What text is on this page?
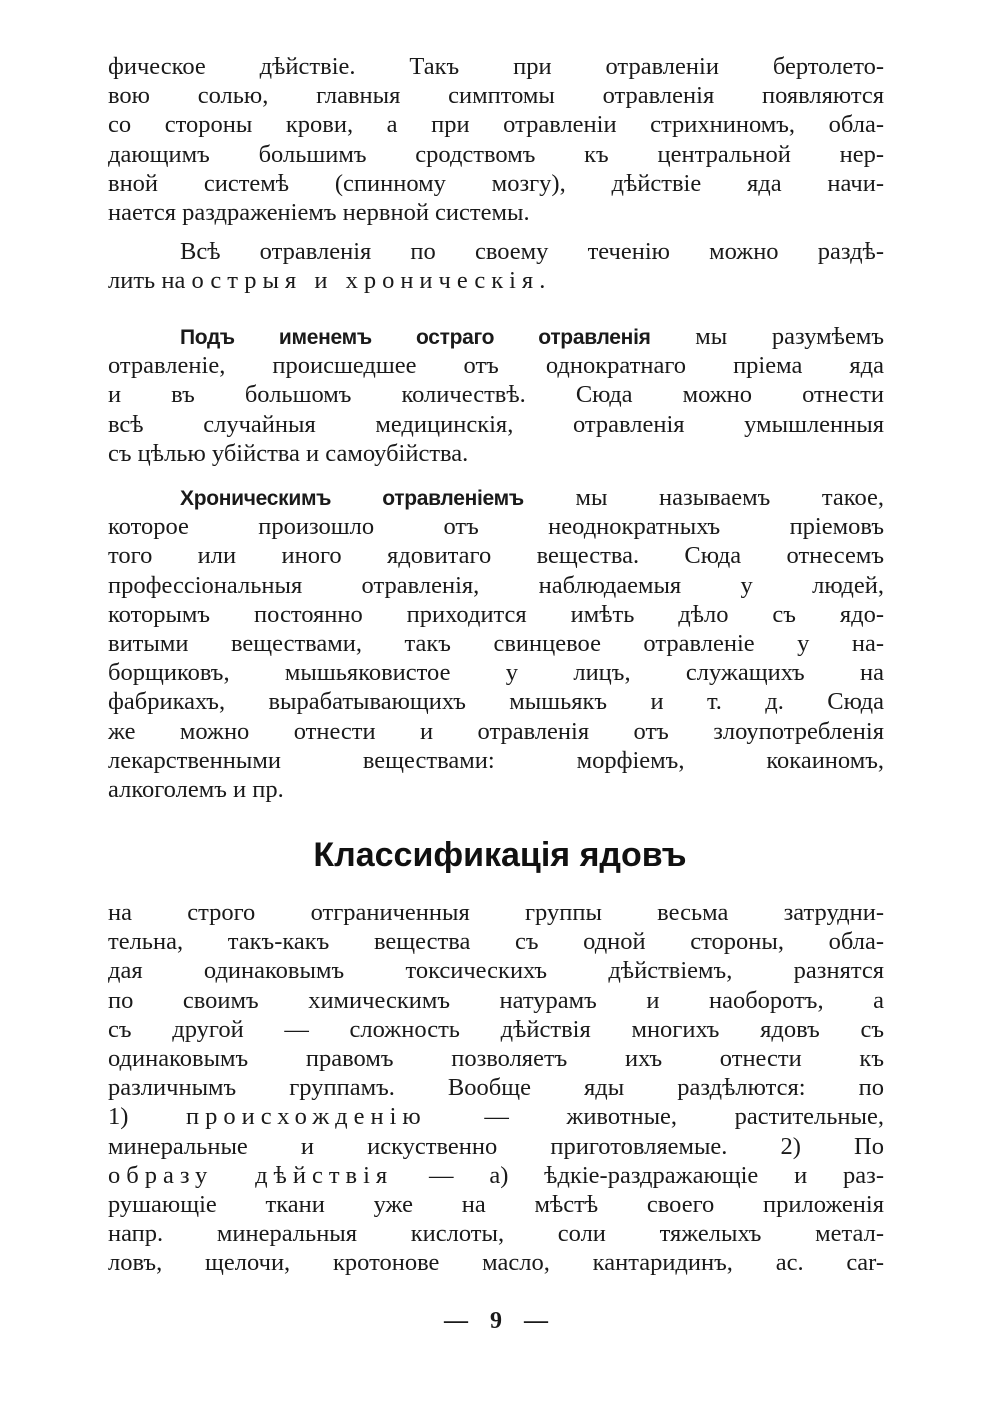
фическое дѣйствіе. Такъ при отравленіи бертолето-
вою солью, главныя симптомы отравленія появляются
со стороны крови, а при отравленіи стрихниномъ, обла-
дающимъ большимъ сродствомъ къ центральной нер-
вной системѣ (спинному мозгу), дѣйствіе яда начи-
нается раздраженіемъ нервной системы.
Всѣ отравленія по своему теченію можно раздѣ-
лить на острыя и хроническія.
Подъ именемъ остраго отравленія мы разумѣемъ
отравленіе, происшедшее отъ однократнаго пріема яда
и въ большомъ количествѣ. Сюда можно отнести
всѣ случайныя медицинскія, отравленія умышленныя
съ цѣлью убійства и самоубійства.
Хроническимъ отравленіемъ мы называемъ такое,
которое произошло отъ неоднократныхъ пріемовъ
того или иного ядовитаго вещества. Сюда отнесемъ
профессіональныя отравленія, наблюдаемыя у людей,
которымъ постоянно приходится имѣть дѣло съ ядо-
витыми веществами, такъ свинцевое отравленіе у на-
борщиковъ, мышьяковистое у лицъ, служащихъ на
фабрикахъ, вырабатывающихъ мышьякъ и т. д. Сюда
же можно отнести и отравленія отъ злоупотребленія
лекарственными веществами: морфіемъ, кокаиномъ,
алкоголемъ и пр.
Классификація ядовъ
на строго отграниченныя группы весьма затрудни-
тельна, такъ-какъ вещества съ одной стороны, обла-
дая одинаковымъ токсическихъ дѣйствіемъ, разнятся
по своимъ химическимъ натурамъ и наоборотъ, а
съ другой — сложность дѣйствія многихъ ядовъ съ
одинаковымъ правомъ позволяетъ ихъ отнести къ
различнымъ группамъ. Вообще яды раздѣлются: по
1) происхожденію — животные, растительные,
минеральные и искуственно приготовляемые. 2) По
образу дѣйствія — а) ѣдкіе-раздражающіе и раз-
рушающіе ткани уже на мѣстѣ своего приложенія
напр. минеральныя кислоты, соли тяжелыхъ метал-
ловъ, щелочи, кротонове масло, кантаридинъ, ас. car-
— 9 —
